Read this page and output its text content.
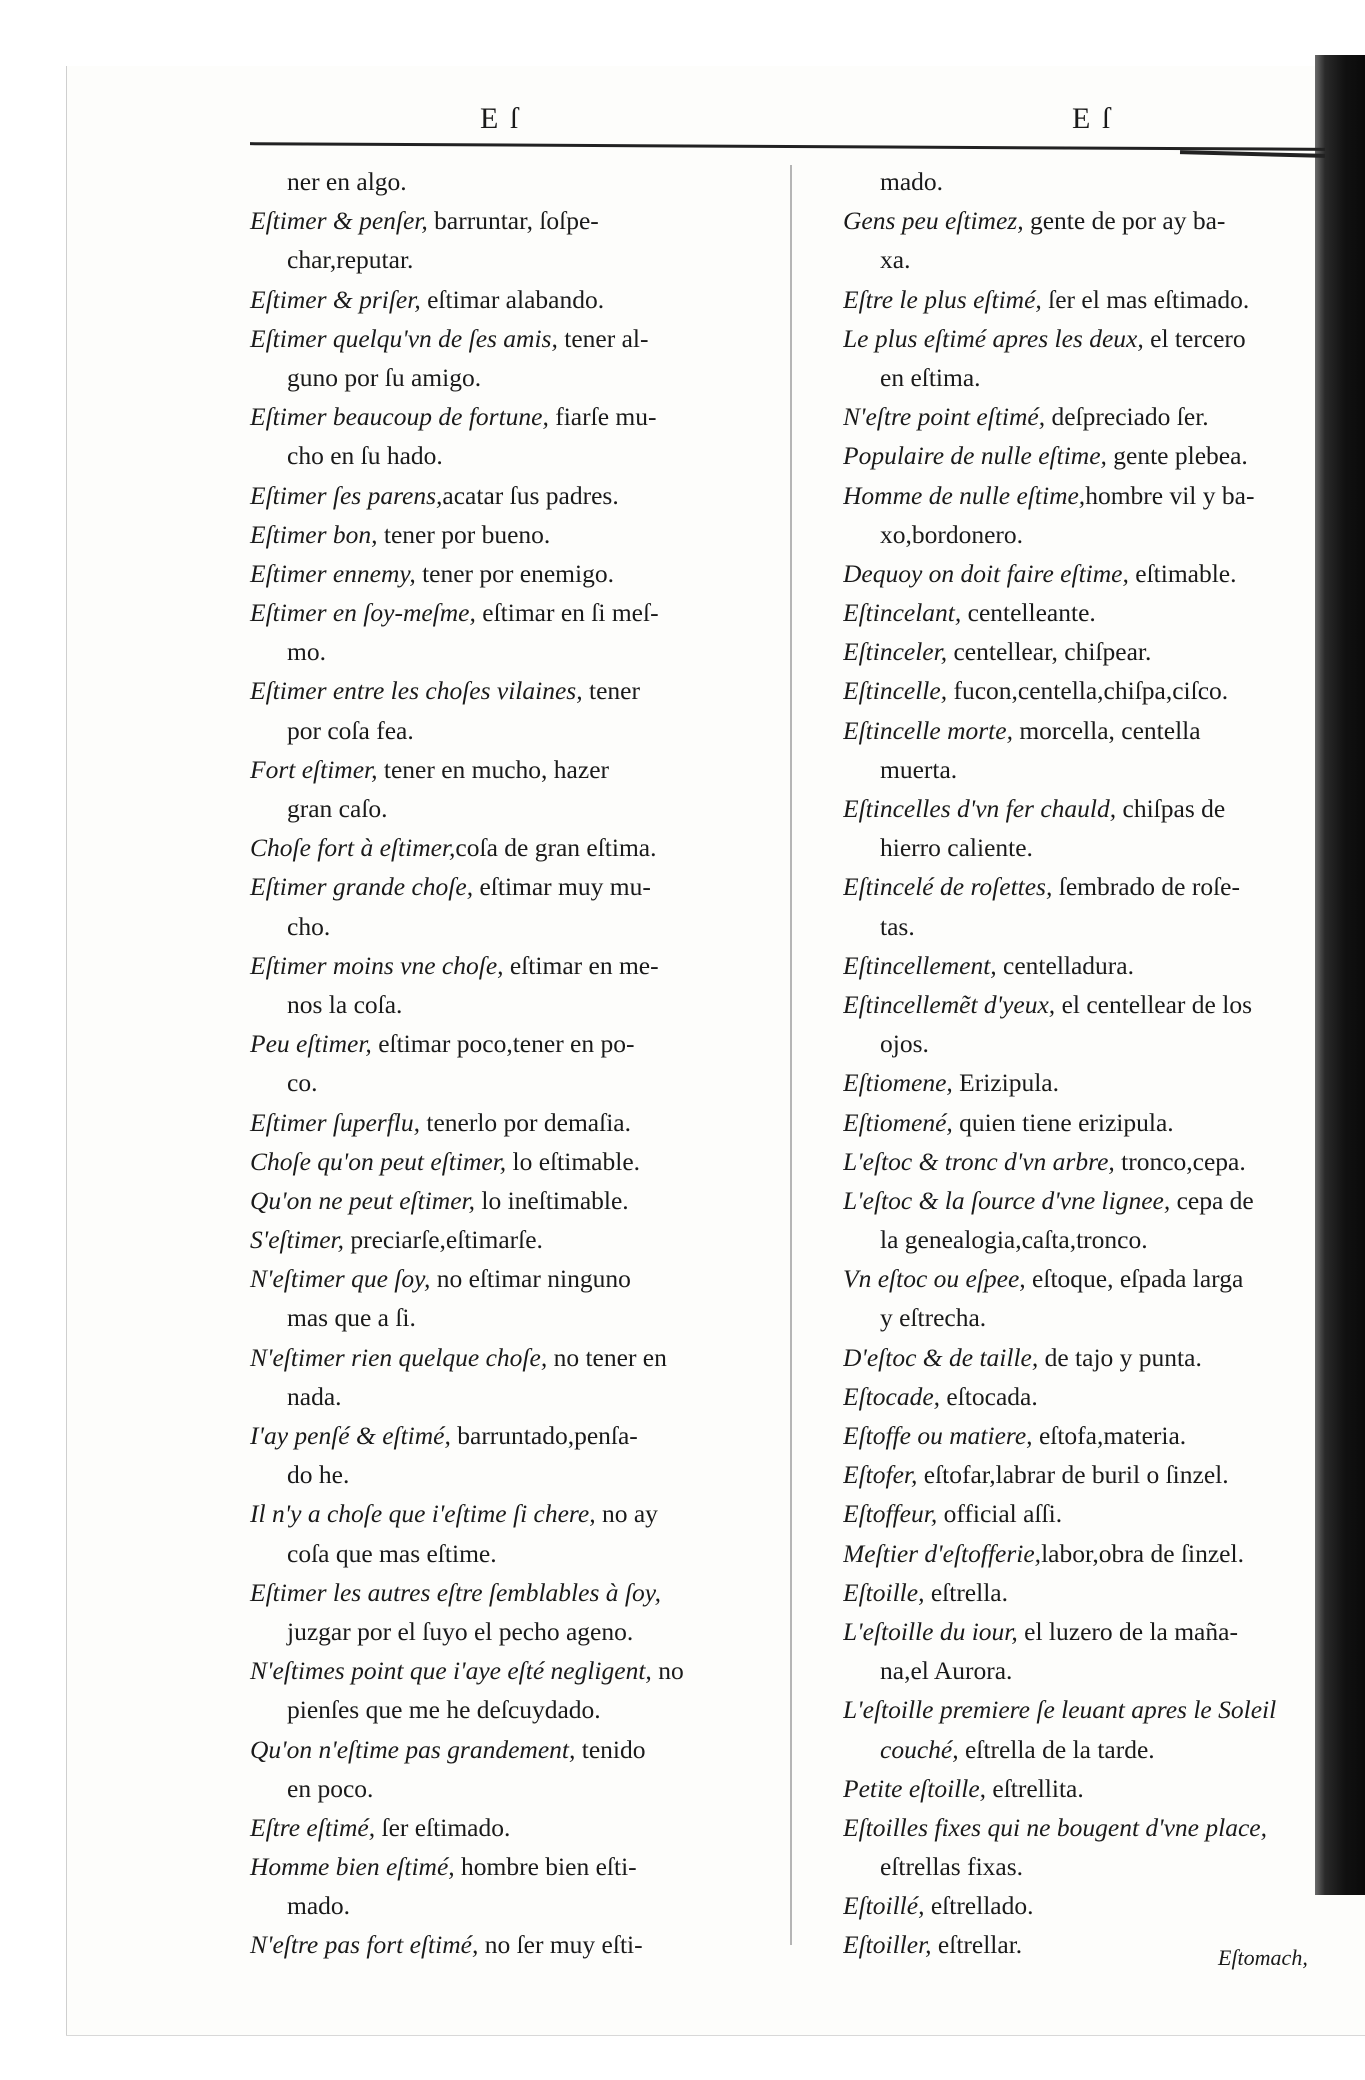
E ſ	E ſ
ner en algo.
Eſtimer & penſer, barruntar, ſoſpe-
char,reputar.
Eſtimer & priſer, eſtimar alabando.
Eſtimer quelqu'vn de ſes amis, tener al-
guno por ſu amigo.
Eſtimer beaucoup de fortune, fiarſe mu-
cho en ſu hado.
Eſtimer ſes parens,acatar ſus padres.
Eſtimer bon, tener por bueno.
Eſtimer ennemy, tener por enemigo.
Eſtimer en ſoy-meſme, eſtimar en ſi meſ-
mo.
Eſtimer entre les choſes vilaines, tener
por coſa fea.
Fort eſtimer, tener en mucho, hazer
gran caſo.
Choſe fort à eſtimer,coſa de gran eſtima.
Eſtimer grande choſe, eſtimar muy mu-
cho.
Eſtimer moins vne choſe, eſtimar en me-
nos la coſa.
Peu eſtimer, eſtimar poco,tener en po-
co.
Eſtimer ſuperflu, tenerlo por demaſia.
Choſe qu'on peut eſtimer, lo eſtimable.
Qu'on ne peut eſtimer, lo ineſtimable.
S'eſtimer, preciarſe,eſtimarſe.
N'eſtimer que ſoy, no eſtimar ninguno
mas que a ſi.
N'eſtimer rien quelque choſe, no tener en
nada.
I'ay penſé & eſtimé, barruntado,penſa-
do he.
Il n'y a choſe que i'eſtime ſi chere, no ay
coſa que mas eſtime.
Eſtimer les autres eſtre ſemblables à ſoy,
juzgar por el ſuyo el pecho ageno.
N'eſtimes point que i'aye eſté negligent, no
pienſes que me he deſcuydado.
Qu'on n'eſtime pas grandement, tenido
en poco.
Eſtre eſtimé, ſer eſtimado.
Homme bien eſtimé, hombre bien eſti-
mado.
N'eſtre pas fort eſtimé, no ſer muy eſti-
mado.
Gens peu eſtimez, gente de por ay ba-
xa.
Eſtre le plus eſtimé, ſer el mas eſtimado.
Le plus eſtimé apres les deux, el tercero
en eſtima.
N'eſtre point eſtimé, deſpreciado ſer.
Populaire de nulle eſtime, gente plebea.
Homme de nulle eſtime,hombre vil y ba-
xo,bordonero.
Dequoy on doit faire eſtime, eſtimable.
Eſtincelant, centelleante.
Eſtinceler, centellear, chiſpear.
Eſtincelle, fucon,centella,chiſpa,ciſco.
Eſtincelle morte, morcella, centella
muerta.
Eſtincelles d'vn fer chauld, chiſpas de
hierro caliente.
Eſtincelé de roſettes, ſembrado de roſe-
tas.
Eſtincellement, centelladura.
Eſtincellemẽt d'yeux, el centellear de los
ojos.
Eſtiomene, Erizipula.
Eſtiomené, quien tiene erizipula.
L'eſtoc & tronc d'vn arbre, tronco,cepa.
L'eſtoc & la ſource d'vne lignee, cepa de
la genealogia,caſta,tronco.
Vn eſtoc ou eſpee, eſtoque, eſpada larga
y eſtrecha.
D'eſtoc & de taille, de tajo y punta.
Eſtocade, eſtocada.
Eſtoffe ou matiere, eſtofa,materia.
Eſtofer, eſtofar,labrar de buril o ſinzel.
Eſtoffeur, official aſſi.
Meſtier d'eſtofferie,labor,obra de ſinzel.
Eſtoille, eſtrella.
L'eſtoille du iour, el luzero de la maña-
na,el Aurora.
L'eſtoille premiere ſe leuant apres le Soleil
couché, eſtrella de la tarde.
Petite eſtoille, eſtrellita.
Eſtoilles fixes qui ne bougent d'vne place,
eſtrellas fixas.
Eſtoillé, eſtrellado.
Eſtoiller, eſtrellar.	Eſtomach,
